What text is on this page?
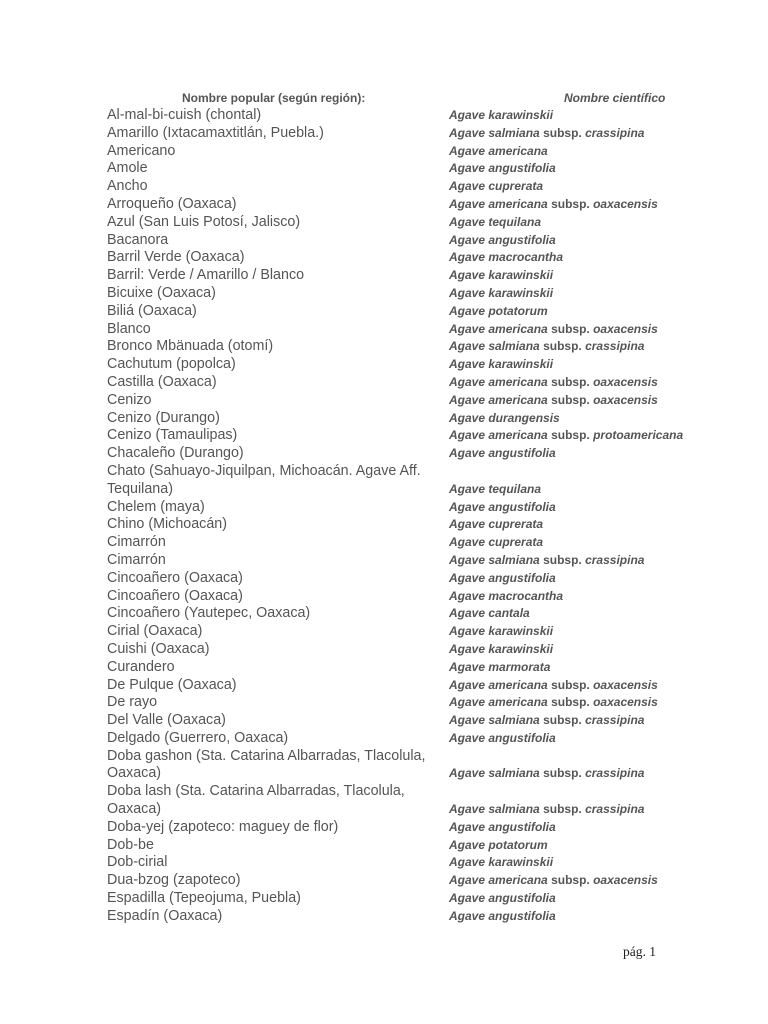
Nombre popular (según región):	Nombre científico
Al-mal-bi-cuish (chontal)	Agave karawinskii
Amarillo (Ixtacamaxtitlán, Puebla.)	Agave salmiana subsp. crassipina
Americano	Agave americana
Amole	Agave angustifolia
Ancho	Agave cuprerata
Arroqueño (Oaxaca)	Agave americana subsp. oaxacensis
Azul (San Luis Potosí, Jalisco)	Agave tequilana
Bacanora	Agave angustifolia
Barril Verde (Oaxaca)	Agave macrocantha
Barril: Verde / Amarillo / Blanco	Agave karawinskii
Bicuixe (Oaxaca)	Agave karawinskii
Biliá (Oaxaca)	Agave potatorum
Blanco	Agave americana subsp. oaxacensis
Bronco Mbänuada (otomí)	Agave salmiana subsp. crassipina
Cachutum (popolca)	Agave karawinskii
Castilla (Oaxaca)	Agave americana subsp. oaxacensis
Cenizo	Agave americana subsp. oaxacensis
Cenizo (Durango)	Agave durangensis
Cenizo (Tamaulipas)	Agave americana subsp. protoamericana
Chacaleño (Durango)	Agave angustifolia
Chato (Sahuayo-Jiquilpan, Michoacán. Agave Aff.
Tequilana)	Agave tequilana
Chelem (maya)	Agave angustifolia
Chino (Michoacán)	Agave cuprerata
Cimarrón	Agave cuprerata
Cimarrón	Agave salmiana subsp. crassipina
Cincoañero (Oaxaca)	Agave angustifolia
Cincoañero (Oaxaca)	Agave macrocantha
Cincoañero (Yautepec, Oaxaca)	Agave cantala
Cirial (Oaxaca)	Agave karawinskii
Cuishi (Oaxaca)	Agave karawinskii
Curandero	Agave marmorata
De Pulque (Oaxaca)	Agave americana subsp. oaxacensis
De rayo	Agave americana subsp. oaxacensis
Del Valle (Oaxaca)	Agave salmiana subsp. crassipina
Delgado (Guerrero, Oaxaca)	Agave angustifolia
Doba gashon (Sta. Catarina Albarradas, Tlacolula,
Oaxaca)	Agave salmiana subsp. crassipina
Doba lash (Sta. Catarina Albarradas, Tlacolula,
Oaxaca)	Agave salmiana subsp. crassipina
Doba-yej (zapoteco: maguey de flor)	Agave angustifolia
Dob-be	Agave potatorum
Dob-cirial	Agave karawinskii
Dua-bzog (zapoteco)	Agave americana subsp. oaxacensis
Espadilla (Tepeojuma, Puebla)	Agave angustifolia
Espadín (Oaxaca)	Agave angustifolia
pág. 1
